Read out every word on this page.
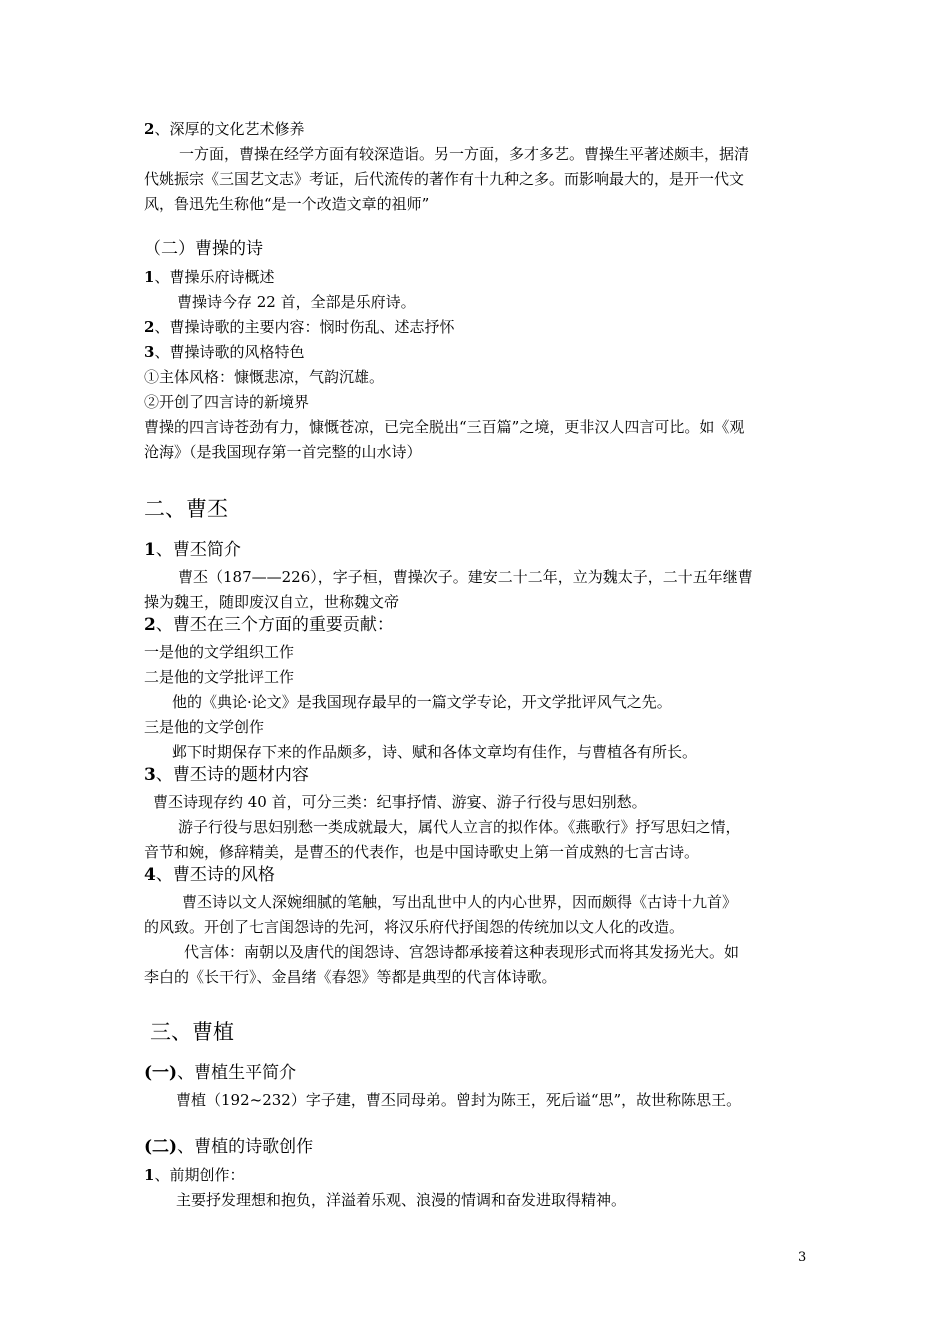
2、深厚的文化艺术修养
一方面，曹操在经学方面有较深造诣。另一方面，多才多艺。曹操生平著述颇丰，据清
代姚振宗《三国艺文志》考证，后代流传的著作有十九种之多。而影响最大的，是开一代文
风，鲁迅先生称他“是一个改造文章的祖师”
（二）曹操的诗
1、曹操乐府诗概述
曹操诗今存 22 首，全部是乐府诗。
2、曹操诗歌的主要内容：悯时伤乱、述志抒怀
3、曹操诗歌的风格特色
①主体风格：慷慨悲凉，气韵沉雄。
②开创了四言诗的新境界
曹操的四言诗苍劲有力，慷慨苍凉，已完全脱出“三百篇”之境，更非汉人四言可比。如《观
沧海》（是我国现存第一首完整的山水诗）
二、曹丕
1、曹丕简介
曹丕（187——226），字子桓，曹操次子。建安二十二年，立为魏太子，二十五年继曹
操为魏王，随即废汉自立，世称魏文帝
2、曹丕在三个方面的重要贡献：
一是他的文学组织工作
二是他的文学批评工作
他的《典论·论文》是我国现存最早的一篇文学专论，开文学批评风气之先。
三是他的文学创作
邺下时期保存下来的作品颇多，诗、赋和各体文章均有佳作，与曹植各有所长。
3、曹丕诗的题材内容
曹丕诗现存约 40 首，可分三类：纪事抒情、游宴、游子行役与思妇别愁。
游子行役与思妇别愁一类成就最大，属代人立言的拟作体。《燕歌行》抒写思妇之情，
音节和婉，修辞精美，是曹丕的代表作，也是中国诗歌史上第一首成熟的七言古诗。
4、曹丕诗的风格
曹丕诗以文人深婉细腻的笔触，写出乱世中人的内心世界，因而颇得《古诗十九首》
的风致。开创了七言闺怨诗的先河，将汉乐府代抒闺怨的传统加以文人化的改造。
代言体：南朝以及唐代的闺怨诗、宫怨诗都承接着这种表现形式而将其发扬光大。如
李白的《长干行》、金昌绪《春怨》等都是典型的代言体诗歌。
三、曹植
(一)、曹植生平简介
曹植（192~232）字子建，曹丕同母弟。曾封为陈王，死后谥“思”，故世称陈思王。
(二)、曹植的诗歌创作
1、前期创作：
主要抒发理想和抱负，洋溢着乐观、浪漫的情调和奋发进取得精神。
3
